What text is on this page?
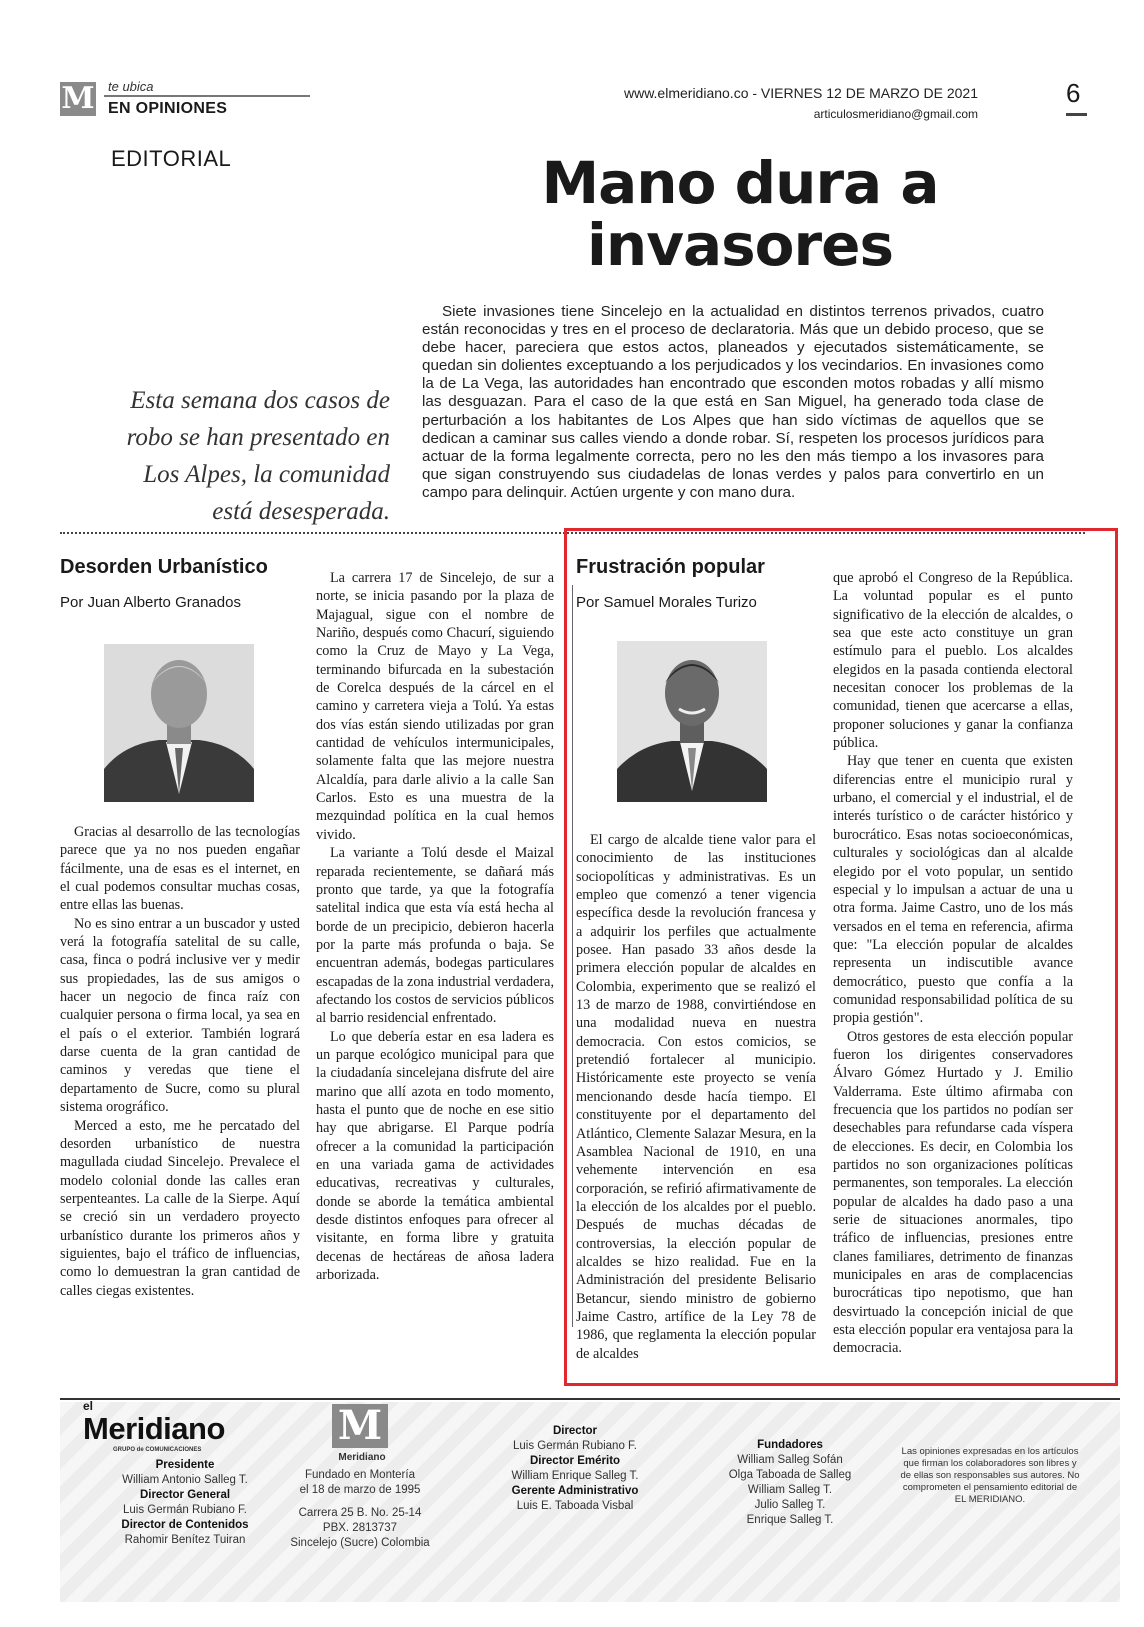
M te ubica
EN OPINIONES
www.elmeridiano.co - VIERNES 12 DE MARZO DE 2021
articulosmeridiano@gmail.com
6
EDITORIAL	Mano dura a invasores
Esta semana dos casos de robo se han presentado en Los Alpes, la comunidad está desesperada.

Siete invasiones tiene Sincelejo en la actualidad en distintos terrenos privados, cuatro están reconocidas y tres en el proceso de declaratoria. Más que un debido proceso, que se debe hacer, pareciera que estos actos, planeados y ejecutados sistemáticamente, se quedan sin dolientes exceptuando a los perjudicados y los vecindarios. En invasiones como la de La Vega, las autoridades han encontrado que esconden motos robadas y allí mismo las desguazan. Para el caso de la que está en San Miguel, ha generado toda clase de perturbación a los habitantes de Los Alpes que han sido víctimas de aquellos que se dedican a caminar sus calles viendo a donde robar. Sí, respeten los procesos jurídicos para actuar de la forma legalmente correcta, pero no les den más tiempo a los invasores para que sigan construyendo sus ciudadelas de lonas verdes y palos para convertirlo en un campo para delinquir. Actúen urgente y con mano dura.

Desorden Urbanístico
Por Juan Alberto Granados

Gracias al desarrollo de las tecnologías parece que ya no nos pueden engañar fácilmente, una de esas es el internet, en el cual podemos consultar muchas cosas, entre ellas las buenas.

No es sino entrar a un buscador y usted verá la fotografía satelital de su calle, casa, finca o podrá inclusive ver y medir sus propiedades, las de sus amigos o hacer un negocio de finca raíz con cualquier persona o firma local, ya sea en el país o el exterior. También logrará darse cuenta de la gran cantidad de caminos y veredas que tiene el departamento de Sucre, como su plural sistema orográfico.

Merced a esto, me he percatado del desorden urbanístico de nuestra magullada ciudad Sincelejo. Prevalece el modelo colonial donde las calles eran serpenteantes. La calle de la Sierpe. Aquí se creció sin un verdadero proyecto urbanístico durante los primeros años y siguientes, bajo el tráfico de influencias, como lo demuestran la gran cantidad de calles ciegas existentes.

La carrera 17 de Sincelejo, de sur a norte, se inicia pasando por la plaza de Majagual, sigue con el nombre de Nariño, después como Chacurí, siguiendo como la Cruz de Mayo y La Vega, terminando bifurcada en la subestación de Corelca después de la cárcel en el camino y carretera vieja a Tolú. Ya estas dos vías están siendo utilizadas por gran cantidad de vehículos intermunicipales, solamente falta que las mejore nuestra Alcaldía, para darle alivio a la calle San Carlos. Esto es una muestra de la mezquindad política en la cual hemos vivido.

La variante a Tolú desde el Maizal reparada recientemente, se dañará más pronto que tarde, ya que la fotografía satelital indica que esta vía está hecha al borde de un precipicio, debieron hacerla por la parte más profunda o baja. Se encuentran además, bodegas particulares escapadas de la zona industrial verdadera, afectando los costos de servicios públicos al barrio residencial enfrentado.

Lo que debería estar en esa ladera es un parque ecológico municipal para que la ciudadanía sincelejana disfrute del aire marino que allí azota en todo momento, hasta el punto que de noche en ese sitio hay que abrigarse. El Parque podría ofrecer a la comunidad la participación en una variada gama de actividades educativas, recreativas y culturales, donde se aborde la temática ambiental desde distintos enfoques para ofrecer al visitante, en forma libre y gratuita decenas de hectáreas de añosa ladera arborizada.

Frustración popular
Por Samuel Morales Turizo

El cargo de alcalde tiene valor para el conocimiento de las instituciones sociopolíticas y administrativas. Es un empleo que comenzó a tener vigencia específica desde la revolución francesa y a adquirir los perfiles que actualmente posee. Han pasado 33 años desde la primera elección popular de alcaldes en Colombia, experimento que se realizó el 13 de marzo de 1988, convirtiéndose en una modalidad nueva en nuestra democracia. Con estos comicios, se pretendió fortalecer al municipio. Históricamente este proyecto se venía mencionando desde hacía tiempo. El constituyente por el departamento del Atlántico, Clemente Salazar Mesura, en la Asamblea Nacional de 1910, en una vehemente intervención en esa corporación, se refirió afirmativamente de la elección de los alcaldes por el pueblo. Después de muchas décadas de controversias, la elección popular de alcaldes se hizo realidad. Fue en la Administración del presidente Belisario Betancur, siendo ministro de gobierno Jaime Castro, artífice de la Ley 78 de 1986, que reglamenta la elección popular de alcaldes

que aprobó el Congreso de la República. La voluntad popular es el punto significativo de la elección de alcaldes, o sea que este acto constituye un gran estímulo para el pueblo. Los alcaldes elegidos en la pasada contienda electoral necesitan conocer los problemas de la comunidad, tienen que acercarse a ellas, proponer soluciones y ganar la confianza pública.

Hay que tener en cuenta que existen diferencias entre el municipio rural y urbano, el comercial y el industrial, el de interés turístico o de carácter histórico y burocrático. Esas notas socioeconómicas, culturales y sociológicas dan al alcalde elegido por el voto popular, un sentido especial y lo impulsan a actuar de una u otra forma. Jaime Castro, uno de los más versados en el tema en referencia, afirma que: "La elección popular de alcaldes representa un indiscutible avance democrático, puesto que confía a la comunidad responsabilidad política de su propia gestión".

Otros gestores de esta elección popular fueron los dirigentes conservadores Álvaro Gómez Hurtado y J. Emilio Valderrama. Este último afirmaba con frecuencia que los partidos no podían ser desechables para refundarse cada víspera de elecciones. Es decir, en Colombia los partidos no son organizaciones políticas permanentes, son temporales. La elección popular de alcaldes ha dado paso a una serie de situaciones anormales, tipo tráfico de influencias, presiones entre clanes familiares, detrimento de finanzas municipales en aras de complacencias burocráticas tipo nepotismo, que han desvirtuado la concepción inicial de que esta elección popular era ventajosa para la democracia.

el
Meridiano
GRUPO de COMUNICACIONES
Presidente
William Antonio Salleg T.
Director General
Luis Germán Rubiano F.
Director de Contenidos
Rahomir Benítez Tuiran
M
Meridiano
Fundado en Montería
el 18 de marzo de 1995
Carrera 25 B. No. 25-14
PBX. 2813737
Sincelejo (Sucre) Colombia
Director
Luis Germán Rubiano F.
Director Emérito
William Enrique Salleg T.
Gerente Administrativo
Luis E. Taboada Visbal
Fundadores
William Salleg Sofán
Olga Taboada de Salleg
William Salleg T.
Julio Salleg T.
Enrique Salleg T.
Las opiniones expresadas en los artículos que firman los colaboradores son libres y de ellas son responsables sus autores. No comprometen el pensamiento editorial de EL MERIDIANO.
